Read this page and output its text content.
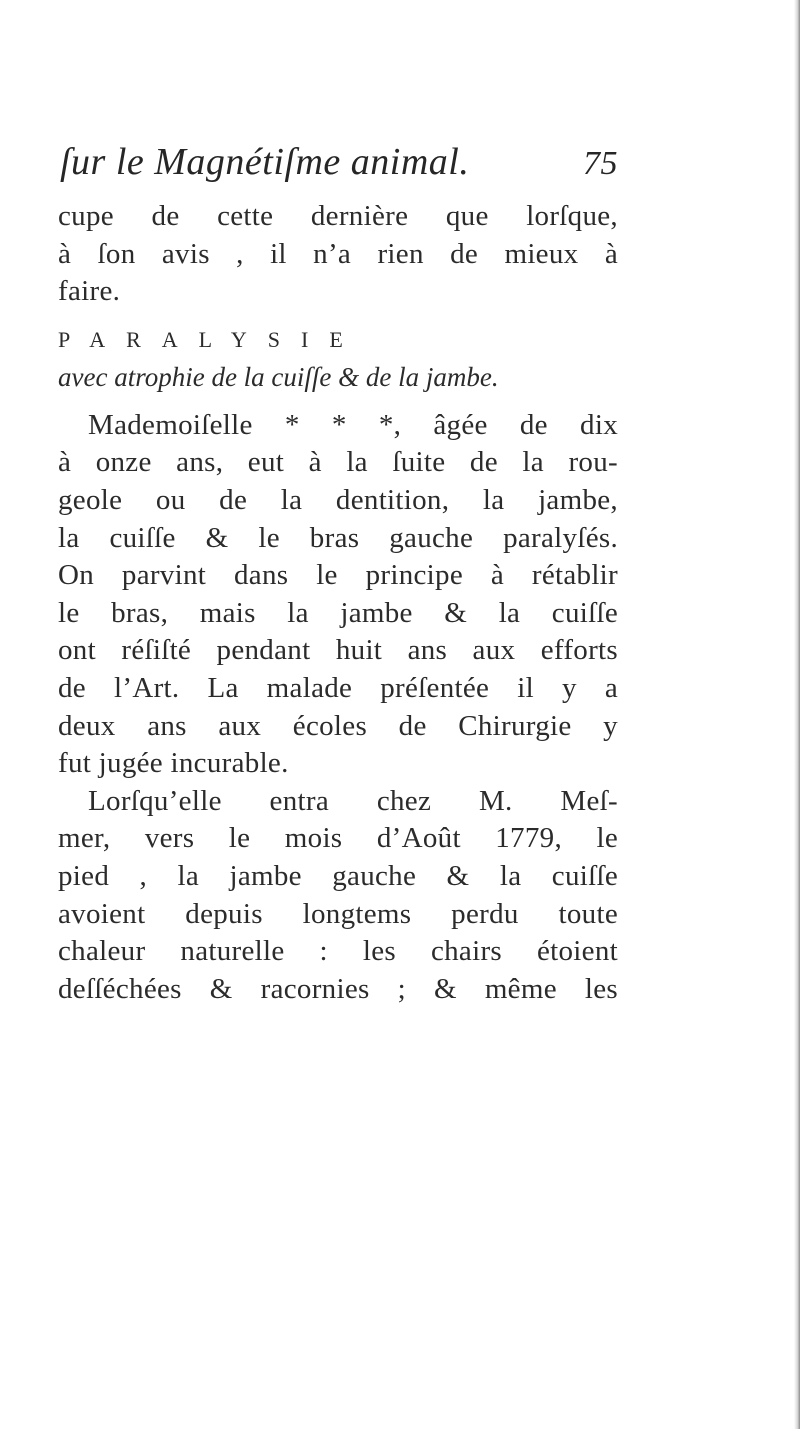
ſur le Magnétiſme animal.	75
cupe de cette dernière que lorſque,
à ſon avis , il n’a rien de mieux à
faire.
PARALYSIE
avec atrophie de la cuiſſe & de la jambe.
Mademoiſelle * * *, âgée de dix
à onze ans, eut à la ſuite de la rou-
geole ou de la dentition, la jambe,
la cuiſſe & le bras gauche paralyſés.
On parvint dans le principe à rétablir
le bras, mais la jambe & la cuiſſe
ont réſiſté pendant huit ans aux efforts
de l’Art. La malade préſentée il y a
deux ans aux écoles de Chirurgie y
fut jugée incurable.
Lorſqu’elle entra chez M. Meſ-
mer, vers le mois d’Août 1779, le
pied , la jambe gauche & la cuiſſe
avoient depuis longtems perdu toute
chaleur naturelle : les chairs étoient
deſſéchées & racornies ; & même les
